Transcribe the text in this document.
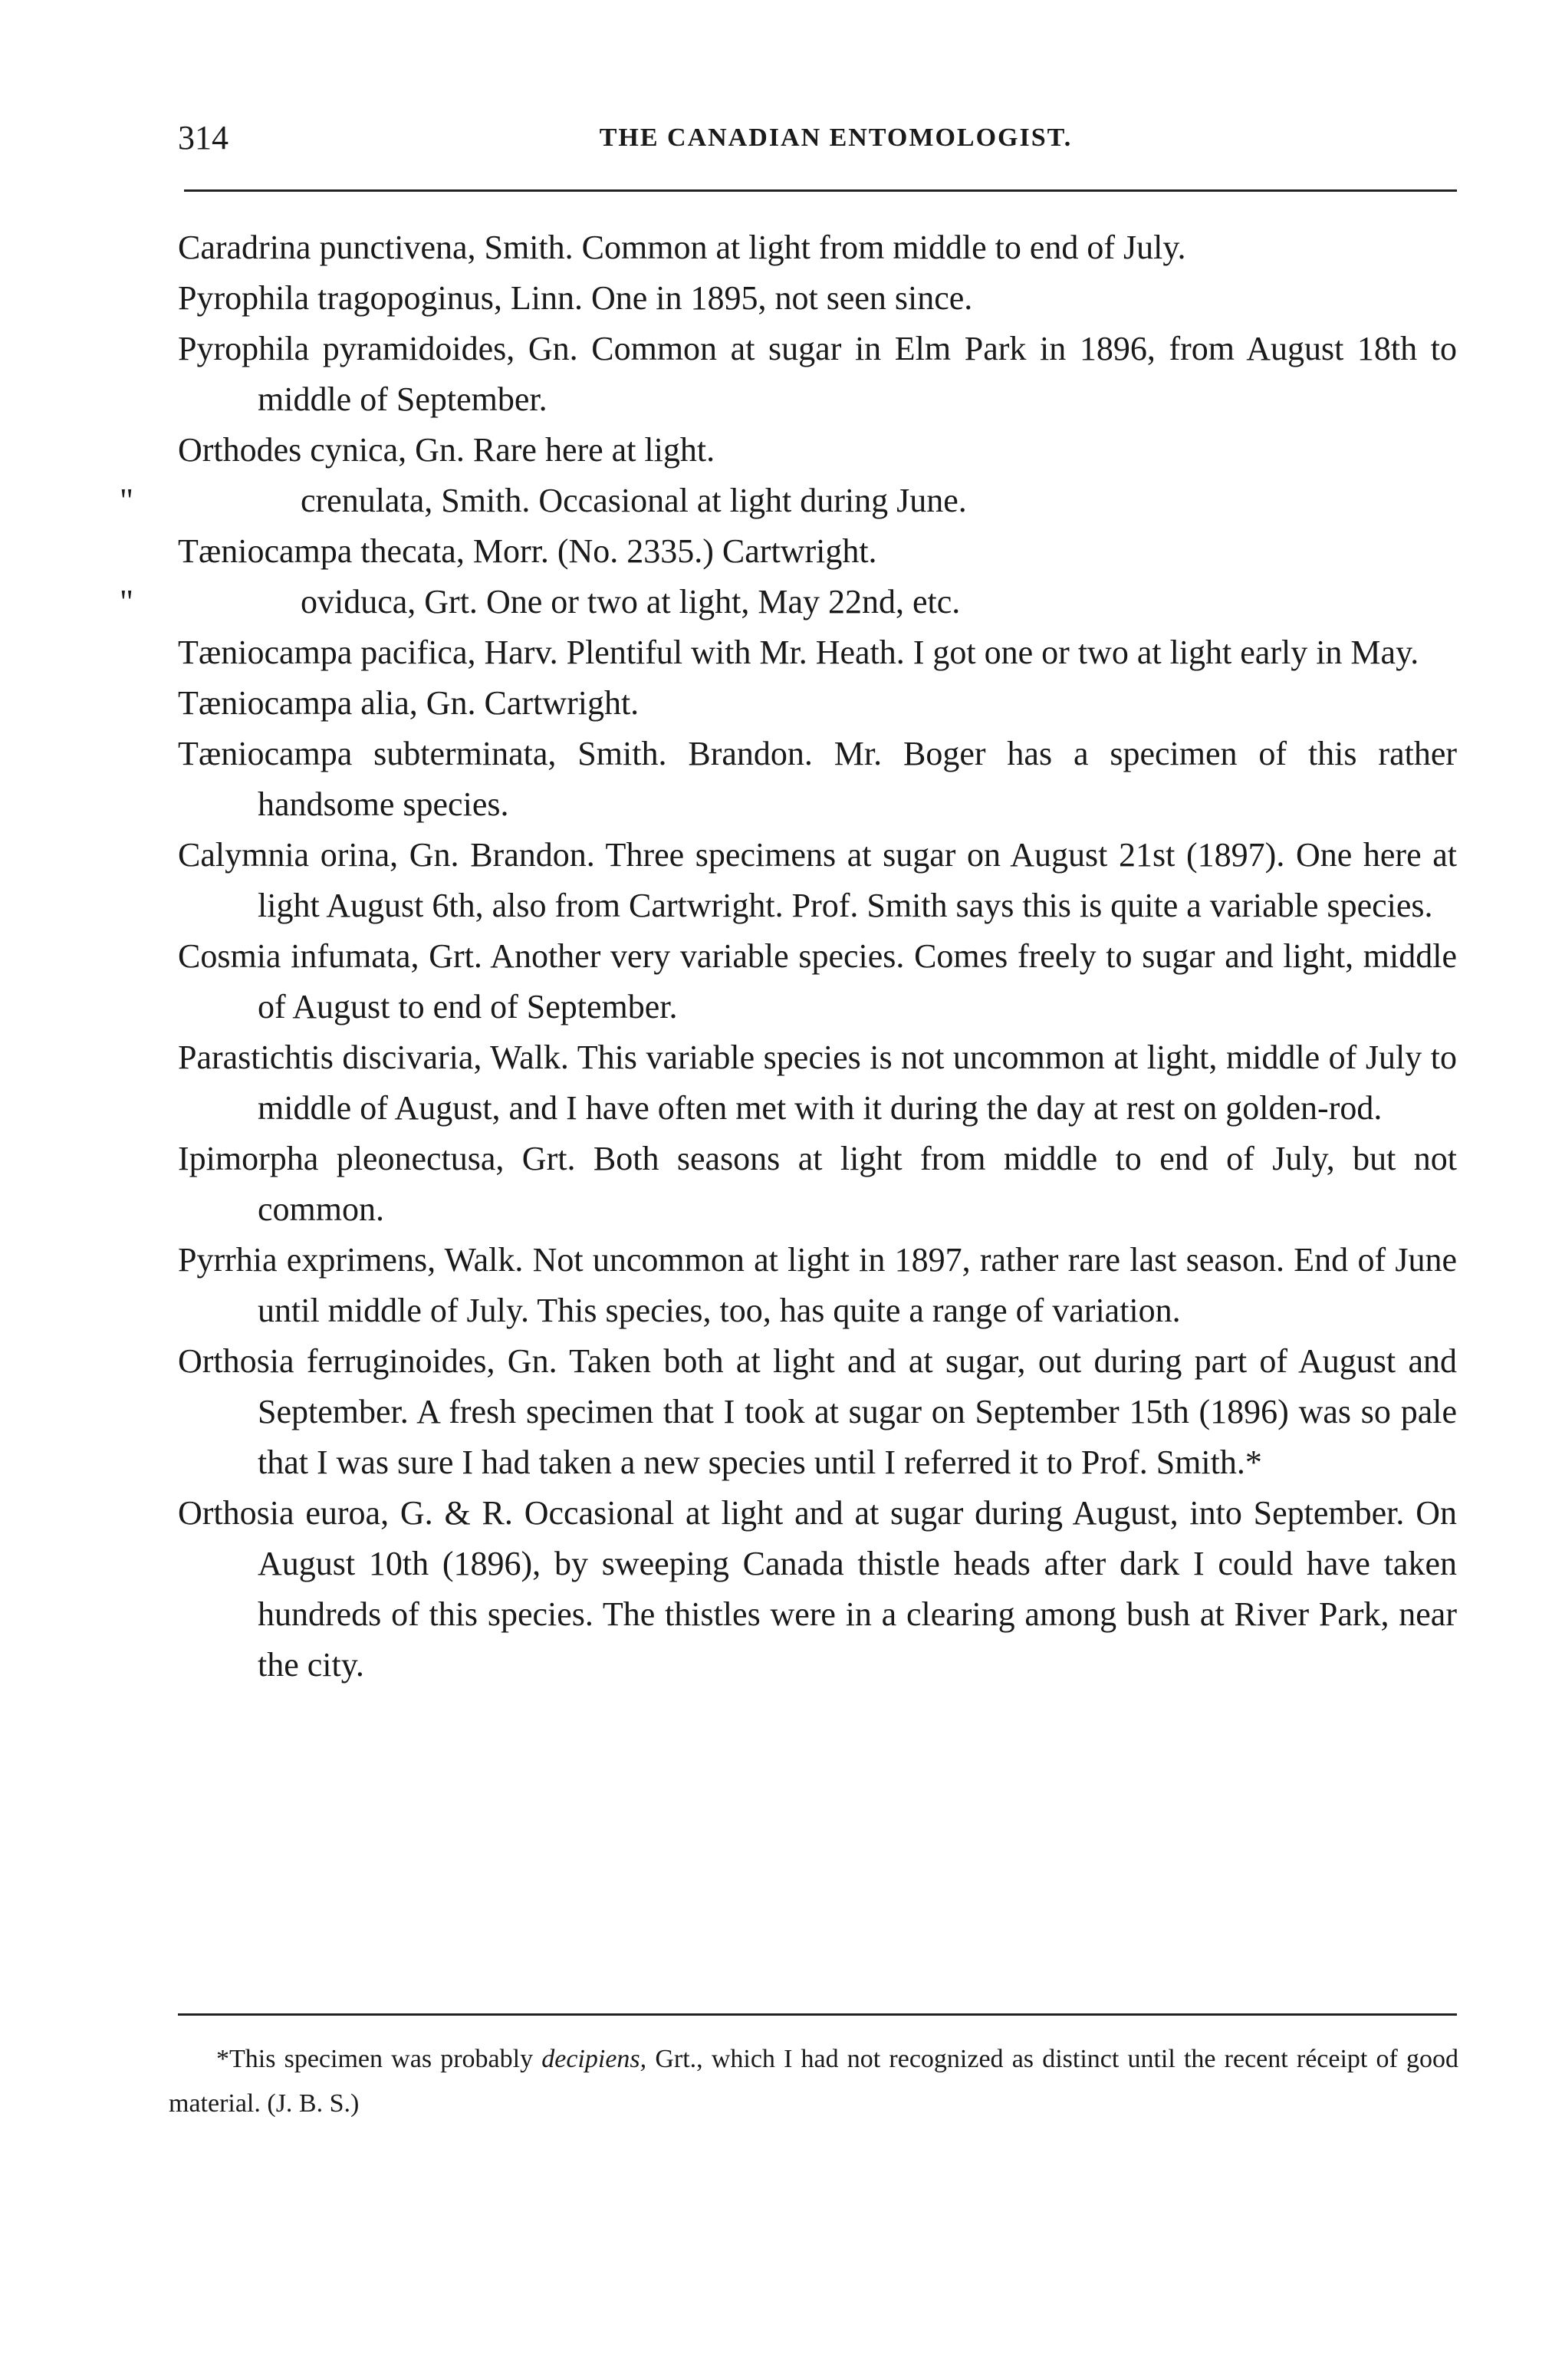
314	THE CANADIAN ENTOMOLOGIST.
Caradrina punctivena, Smith. Common at light from middle to end of July.
Pyrophila tragopoginus, Linn. One in 1895, not seen since.
Pyrophila pyramidoides, Gn. Common at sugar in Elm Park in 1896, from August 18th to middle of September.
Orthodes cynica, Gn. Rare here at light.
"	crenulata, Smith. Occasional at light during June.
Tæniocampa thecata, Morr. (No. 2335.) Cartwright.
"	oviduca, Grt. One or two at light, May 22nd, etc.
Tæniocampa pacifica, Harv. Plentiful with Mr. Heath. I got one or two at light early in May.
Tæniocampa alia, Gn. Cartwright.
Tæniocampa subterminata, Smith. Brandon. Mr. Boger has a specimen of this rather handsome species.
Calymnia orina, Gn. Brandon. Three specimens at sugar on August 21st (1897). One here at light August 6th, also from Cartwright. Prof. Smith says this is quite a variable species.
Cosmia infumata, Grt. Another very variable species. Comes freely to sugar and light, middle of August to end of September.
Parastichtis discivaria, Walk. This variable species is not uncommon at light, middle of July to middle of August, and I have often met with it during the day at rest on golden-rod.
Ipimorpha pleonectusa, Grt. Both seasons at light from middle to end of July, but not common.
Pyrrhia exprimens, Walk. Not uncommon at light in 1897, rather rare last season. End of June until middle of July. This species, too, has quite a range of variation.
Orthosia ferruginoides, Gn. Taken both at light and at sugar, out during part of August and September. A fresh specimen that I took at sugar on September 15th (1896) was so pale that I was sure I had taken a new species until I referred it to Prof. Smith.*
Orthosia euroa, G. & R. Occasional at light and at sugar during August, into September. On August 10th (1896), by sweeping Canada thistle heads after dark I could have taken hundreds of this species. The thistles were in a clearing among bush at River Park, near the city.
*This specimen was probably decipiens, Grt., which I had not recognized as distinct until the recent réceipt of good material. (J. B. S.)
